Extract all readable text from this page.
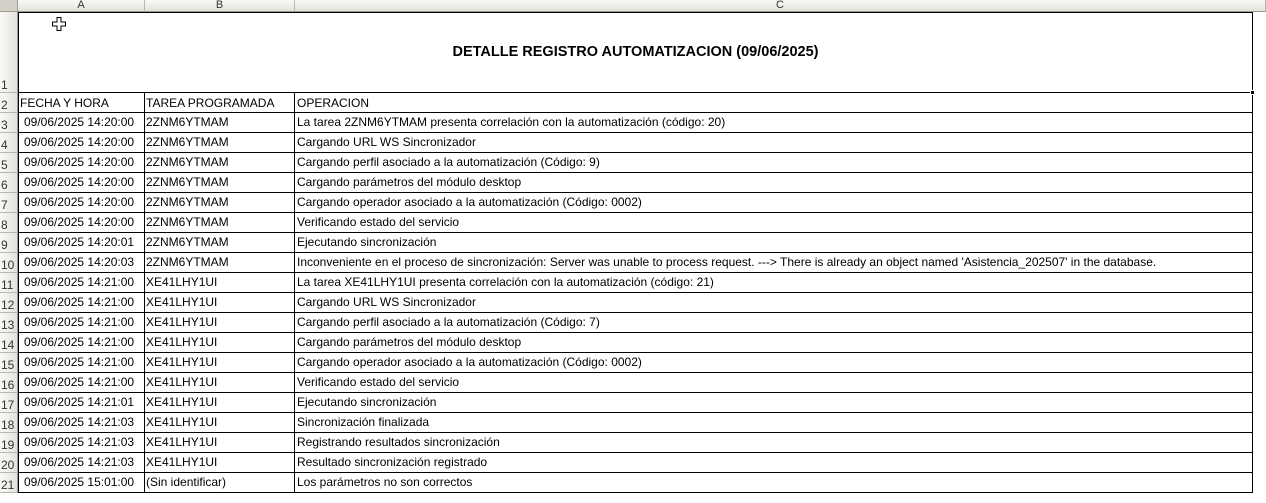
A	B	C
1
2
3
4
5
6
7
8
9
10
11
12
13
14
15
16
17
18
19
20
21
DETALLE REGISTRO AUTOMATIZACION (09/06/2025)
FECHA Y HORA	TAREA PROGRAMADA	OPERACION
09/06/2025 14:20:00 2ZNM6YTMAM	La tarea 2ZNM6YTMAM presenta correlación con la automatización (código: 20)
09/06/2025 14:20:00 2ZNM6YTMAM	Cargando URL WS Sincronizador
09/06/2025 14:20:00 2ZNM6YTMAM	Cargando perfil asociado a la automatización (Código: 9)
09/06/2025 14:20:00 2ZNM6YTMAM	Cargando parámetros del módulo desktop
09/06/2025 14:20:00 2ZNM6YTMAM	Cargando operador asociado a la automatización (Código: 0002)
09/06/2025 14:20:00 2ZNM6YTMAM	Verificando estado del servicio
09/06/2025 14:20:01 2ZNM6YTMAM	Ejecutando sincronización
09/06/2025 14:20:03 2ZNM6YTMAM	Inconveniente en el proceso de sincronización: Server was unable to process request. ---> There is already an object named 'Asistencia_202507' in the database.
09/06/2025 14:21:00 XE41LHY1UI	La tarea XE41LHY1UI presenta correlación con la automatización (código: 21)
09/06/2025 14:21:00 XE41LHY1UI	Cargando URL WS Sincronizador
09/06/2025 14:21:00 XE41LHY1UI	Cargando perfil asociado a la automatización (Código: 7)
09/06/2025 14:21:00 XE41LHY1UI	Cargando parámetros del módulo desktop
09/06/2025 14:21:00 XE41LHY1UI	Cargando operador asociado a la automatización (Código: 0002)
09/06/2025 14:21:00 XE41LHY1UI	Verificando estado del servicio
09/06/2025 14:21:01 XE41LHY1UI	Ejecutando sincronización
09/06/2025 14:21:03 XE41LHY1UI	Sincronización finalizada
09/06/2025 14:21:03 XE41LHY1UI	Registrando resultados sincronización
09/06/2025 14:21:03 XE41LHY1UI	Resultado sincronización registrado
09/06/2025 15:01:00 (Sin identificar)	Los parámetros no son correctos
